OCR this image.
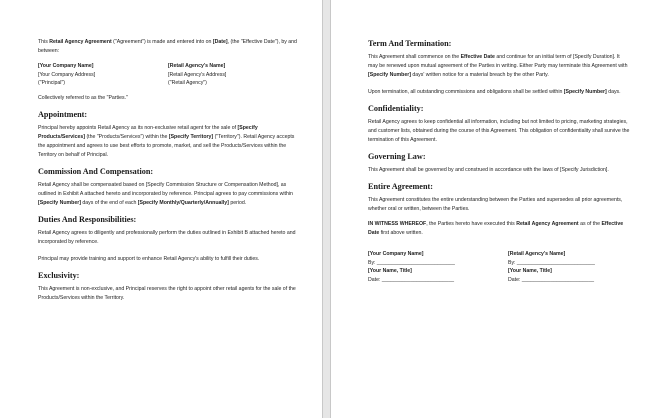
This Retail Agency Agreement ("Agreement") is made and entered into on [Date], (the "Effective Date"), by and between:

[Your Company Name]

[Your Company Address]

("Principal")

[Retail Agency's Name]

[Retail Agency's Address]

("Retail Agency")

Collectively referred to as the "Parties."

Appointment:

Principal hereby appoints Retail Agency as its non-exclusive retail agent for the sale of [Specify Products/Services] (the "Products/Services") within the [Specify Territory] ("Territory"). Retail Agency accepts the appointment and agrees to use best efforts to promote, market, and sell the Products/Services within the Territory on behalf of Principal.

Commission And Compensation:

Retail Agency shall be compensated based on [Specify Commission Structure or Compensation Method], as outlined in Exhibit A attached hereto and incorporated by reference. Principal agrees to pay commissions within [Specify Number] days of the end of each [Specify Monthly/Quarterly/Annually] period.

Duties And Responsibilities:

Retail Agency agrees to diligently and professionally perform the duties outlined in Exhibit B attached hereto and incorporated by reference.

Principal may provide training and support to enhance Retail Agency's ability to fulfill their duties.

Exclusivity:

This Agreement is non-exclusive, and Principal reserves the right to appoint other retail agents for the sale of the Products/Services within the Territory.

Term And Termination:

This Agreement shall commence on the Effective Date and continue for an initial term of [Specify Duration]. It may be renewed upon mutual agreement of the Parties in writing. Either Party may terminate this Agreement with [Specify Number] days' written notice for a material breach by the other Party.

Upon termination, all outstanding commissions and obligations shall be settled within [Specify Number] days.

Confidentiality:

Retail Agency agrees to keep confidential all information, including but not limited to pricing, marketing strategies, and customer lists, obtained during the course of this Agreement. This obligation of confidentiality shall survive the termination of this Agreement.

Governing Law:

This Agreement shall be governed by and construed in accordance with the laws of [Specify Jurisdiction].

Entire Agreement:

This Agreement constitutes the entire understanding between the Parties and supersedes all prior agreements, whether oral or written, between the Parties.

IN WITNESS WHEREOF, the Parties hereto have executed this Retail Agency Agreement as of the Effective Date first above written.

[Your Company Name]

By: ___________________________

[Your Name, Title]

Date: _________________________

[Retail Agency's Name]

By: ___________________________

[Your Name, Title]

Date: _________________________
